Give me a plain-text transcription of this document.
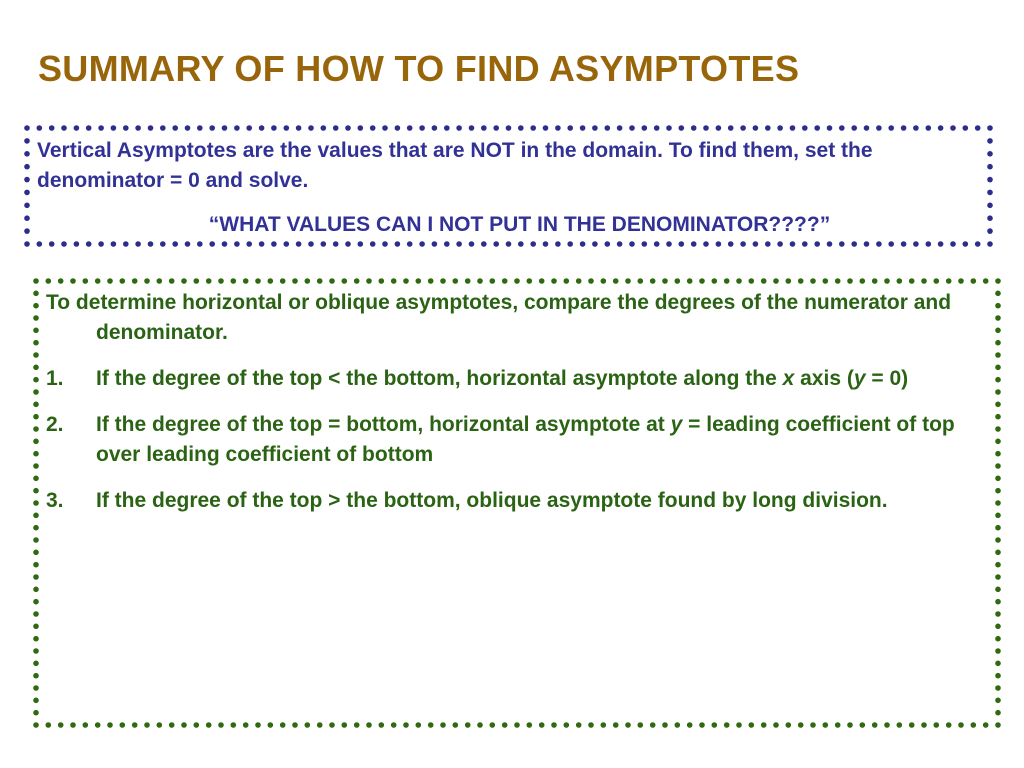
SUMMARY OF HOW TO FIND ASYMPTOTES
Vertical Asymptotes are the values that are NOT in the domain. To find them, set the denominator = 0 and solve.
“WHAT VALUES CAN I NOT PUT IN THE DENOMINATOR????”
To determine horizontal or oblique asymptotes, compare the degrees of the numerator and denominator.
1.	If the degree of the top < the bottom, horizontal asymptote along the x axis (y = 0)
2.	If the degree of the top = bottom, horizontal asymptote at y = leading coefficient of top over leading coefficient of bottom
3.	If the degree of the top > the bottom, oblique asymptote found by long division.
